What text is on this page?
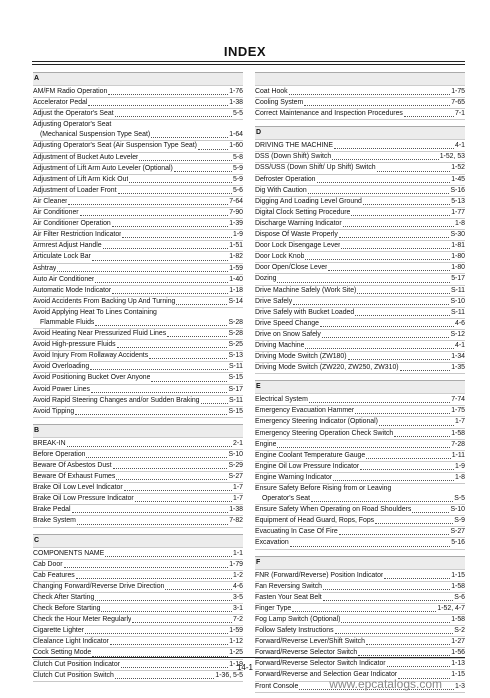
INDEX
A
AM/FM Radio Operation	1-76
Accelerator Pedal	1-38
Adjust the Operator's Seat	5-5
Adjusting Operator's Seat
(Mechanical Suspension Type Seat)	1-64
Adjusting Operator's Seat (Air Suspension Type Seat)	1-60
Adjustment of Bucket Auto Leveler	5-8
Adjustment of Lift Arm Auto Leveler (Optional)	5-9
Adjustment of Lift Arm Kick Out	5-9
Adjustment of Loader Front	5-6
Air Cleaner	7-64
Air Conditioner	7-90
Air Conditioner Operation	1-39
Air Filter Restriction Indicator	1-9
Armrest Adjust Handle	1-51
Articulate Lock Bar	1-82
Ashtray	1-59
Auto Air Conditioner	1-40
Automatic Mode Indicator	1-18
Avoid Accidents From Backing Up And Turning	S-14
Avoid Applying Heat To Lines Containing
Flammable Fluids	S-28
Avoid Heating Near Pressurized Fluid Lines	S-28
Avoid High-pressure Fluids	S-25
Avoid Injury From Rollaway Accidents	S-13
Avoid Overloading	S-11
Avoid Positioning Bucket Over Anyone	S-15
Avoid Power Lines	S-17
Avoid Rapid Steering Changes and/or Sudden Braking	S-11
Avoid Tipping	S-15
B
BREAK-IN	2-1
Before Operation	S-10
Beware Of Asbestos Dust	S-29
Beware Of Exhaust Fumes	S-27
Brake Oil Low Level Indicator	1-7
Brake Oil Low Pressure Indicator	1-7
Brake Pedal	1-38
Brake System	7-82
C
COMPONENTS NAME	1-1
Cab Door	1-79
Cab Features	1-2
Changing Forward/Reverse Drive Direction	4-6
Check After Starting	3-5
Check Before Starting	3-1
Check the Hour Meter Regularly	7-2
Cigarette Lighter	1-59
Clealance Light Indicator	1-12
Cock Setting Mode	1-25
Clutch Cut Position Indicator	1-19
Clutch Cut Position Switch	1-36, 5-5
Coat Hook	1-75
Cooling System	7-65
Correct Maintenance and Inspection Procedures	7-1
D
DRIVING THE MACHINE	4-1
DSS (Down Shift) Switch	1-52, 53
DSS/USS (Down Shift/ Up Shift) Switch	1-52
Defroster Operation	1-45
Dig With Caution	S-16
Digging And Loading Level Ground	5-13
Digital Clock Setting Procedure	1-77
Discharge Warning Indicator	1-8
Dispose Of Waste Properly	S-30
Door Lock Disengage Lever	1-81
Door Lock Knob	1-80
Door Open/Close Lever	1-80
Dozing	5-17
Drive Machine Safely (Work Site)	S-11
Drive Safely	S-10
Drive Safely with Bucket Loaded	S-11
Drive Speed Change	4-6
Drive on Snow Safely	S-12
Driving Machine	4-1
Driving Mode Switch (ZW180)	1-34
Driving Mode Switch (ZW220, ZW250, ZW310)	1-35
E
Electrical System	7-74
Emergency Evacuation Hammer	1-75
Emergency Steering Indicator (Optional)	1-7
Emergency Steering Operation Check Switch	1-58
Engine	7-28
Engine Coolant Temperature Gauge	1-11
Engine Oil Low Pressure Indicator	1-9
Engine Warning Indicator	1-8
Ensure Safety Before Rising from or Leaving
Operator's Seat	S-5
Ensure Safety When Operating on Road Shoulders	S-10
Equipment of Head Guard, Rops, Fops	S-9
Evacuating In Case Of Fire	S-27
Excavation	5-16
F
FNR (Forward/Reverse) Position Indicator	1-15
Fan Reversing Switch	1-58
Fasten Your Seat Belt	S-6
Finger Type	1-52, 4-7
Fog Lamp Switch (Optional)	1-58
Follow Safety Instructions	S-2
Forward/Reverse Lever/Shift Switch	1-27
Forward/Reverse Selector Switch	1-56
Forward/Reverse Selector Switch Indicator	1-13
Forward/Reverse and Selection Gear Indicator	1-15
Front Console	1-3
14-1
www.epcatalogs.com
